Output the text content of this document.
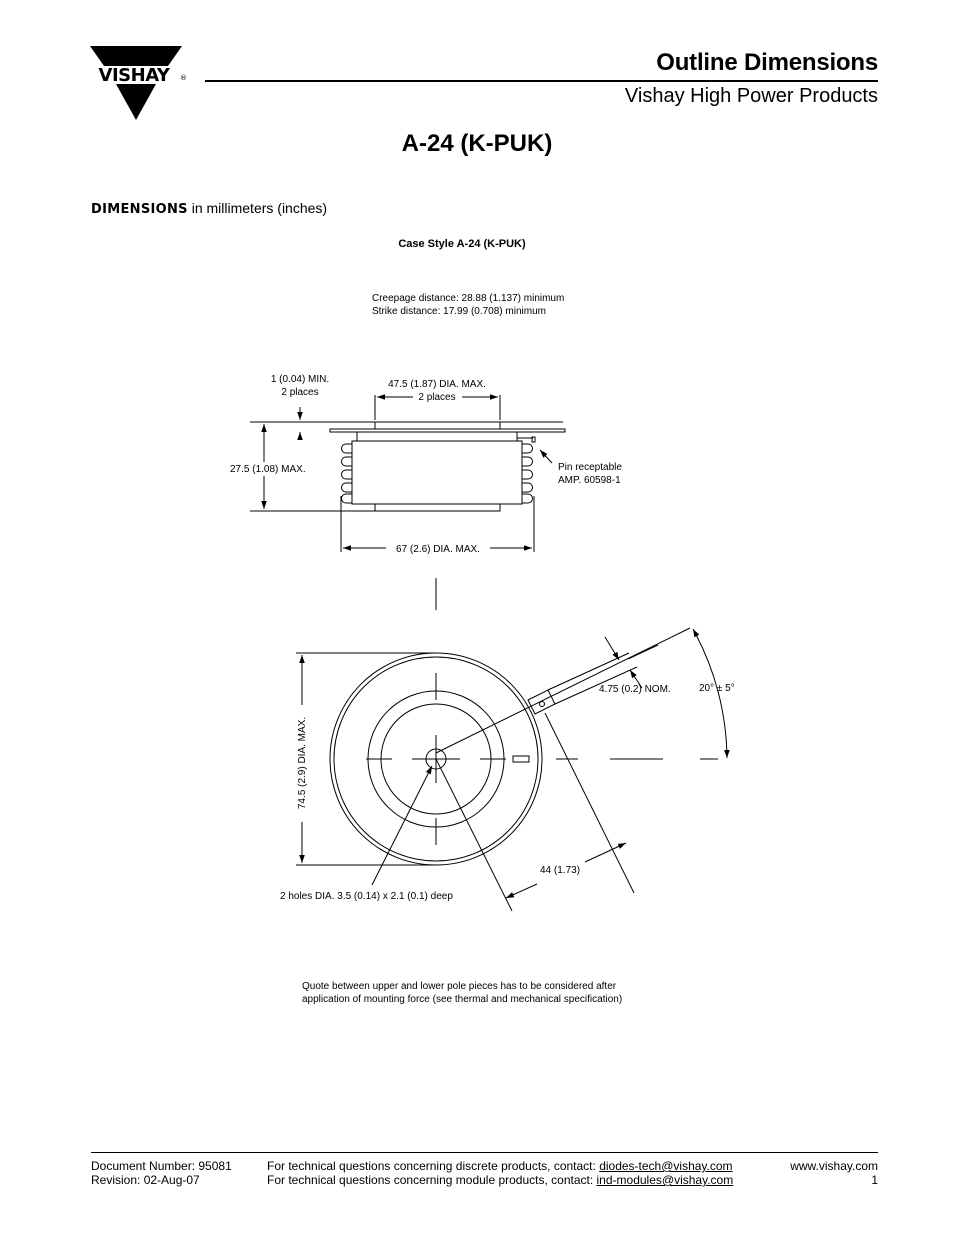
VISHAY ®
Outline Dimensions
Vishay High Power Products
A-24 (K-PUK)
DIMENSIONS in millimeters (inches)
Case Style A-24 (K-PUK)
Creepage distance: 28.88 (1.137) minimum
Strike distance: 17.99 (0.708) minimum
1 (0.04) MIN.
2 places
47.5 (1.87) DIA. MAX.
2 places
27.5 (1.08) MAX.	Pin receptable
AMP. 60598-1
67 (2.6) DIA. MAX.
74.5 (2.9) DIA. MAX.
4.75 (0.2) NOM.	20° ± 5°
44 (1.73)
2 holes DIA. 3.5 (0.14) x 2.1 (0.1) deep
Quote between upper and lower pole pieces has to be considered after
application of mounting force (see thermal and mechanical specification)
Document Number: 95081
Revision: 02-Aug-07
For technical questions concerning discrete products, contact: diodes-tech@vishay.com
For technical questions concerning module products, contact: ind-modules@vishay.com
www.vishay.com
1
